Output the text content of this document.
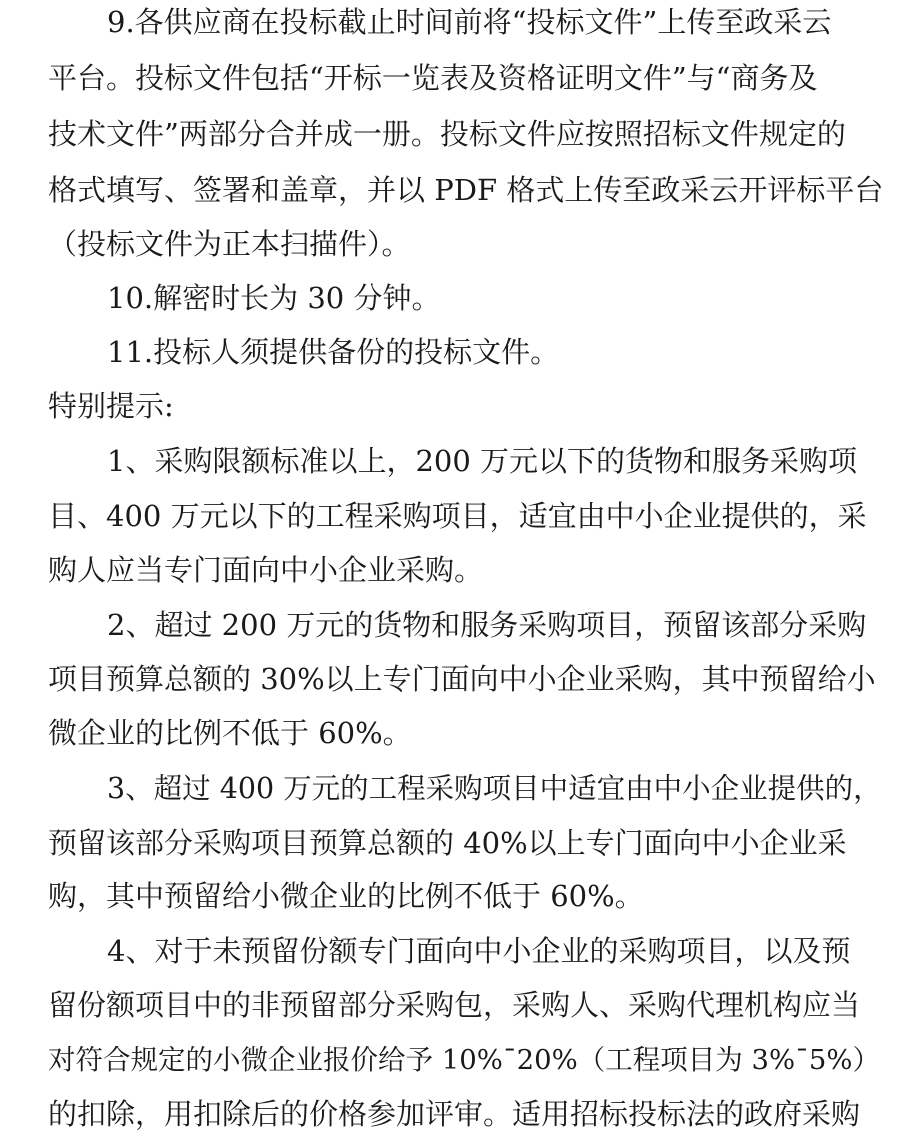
9.各供应商在投标截止时间前将“投标文件”上传至政采云
平台。投标文件包括“开标一览表及资格证明文件”与“商务及
技术文件”两部分合并成一册。投标文件应按照招标文件规定的
格式填写、签署和盖章，并以 PDF 格式上传至政采云开评标平台
（投标文件为正本扫描件）。
10.解密时长为 30 分钟。
11.投标人须提供备份的投标文件。
特别提示:
1、采购限额标准以上，200 万元以下的货物和服务采购项
目、400 万元以下的工程采购项目，适宜由中小企业提供的，采
购人应当专门面向中小企业采购。
2、超过 200 万元的货物和服务采购项目，预留该部分采购
项目预算总额的 30%以上专门面向中小企业采购，其中预留给小
微企业的比例不低于 60%。
3、超过 400 万元的工程采购项目中适宜由中小企业提供的，
预留该部分采购项目预算总额的 40%以上专门面向中小企业采
购，其中预留给小微企业的比例不低于 60%。
4、对于未预留份额专门面向中小企业的采购项目，以及预
留份额项目中的非预留部分采购包，采购人、采购代理机构应当
对符合规定的小微企业报价给予 10%¯20%（工程项目为 3%¯5%）
的扣除，用扣除后的价格参加评审。适用招标投标法的政府采购
